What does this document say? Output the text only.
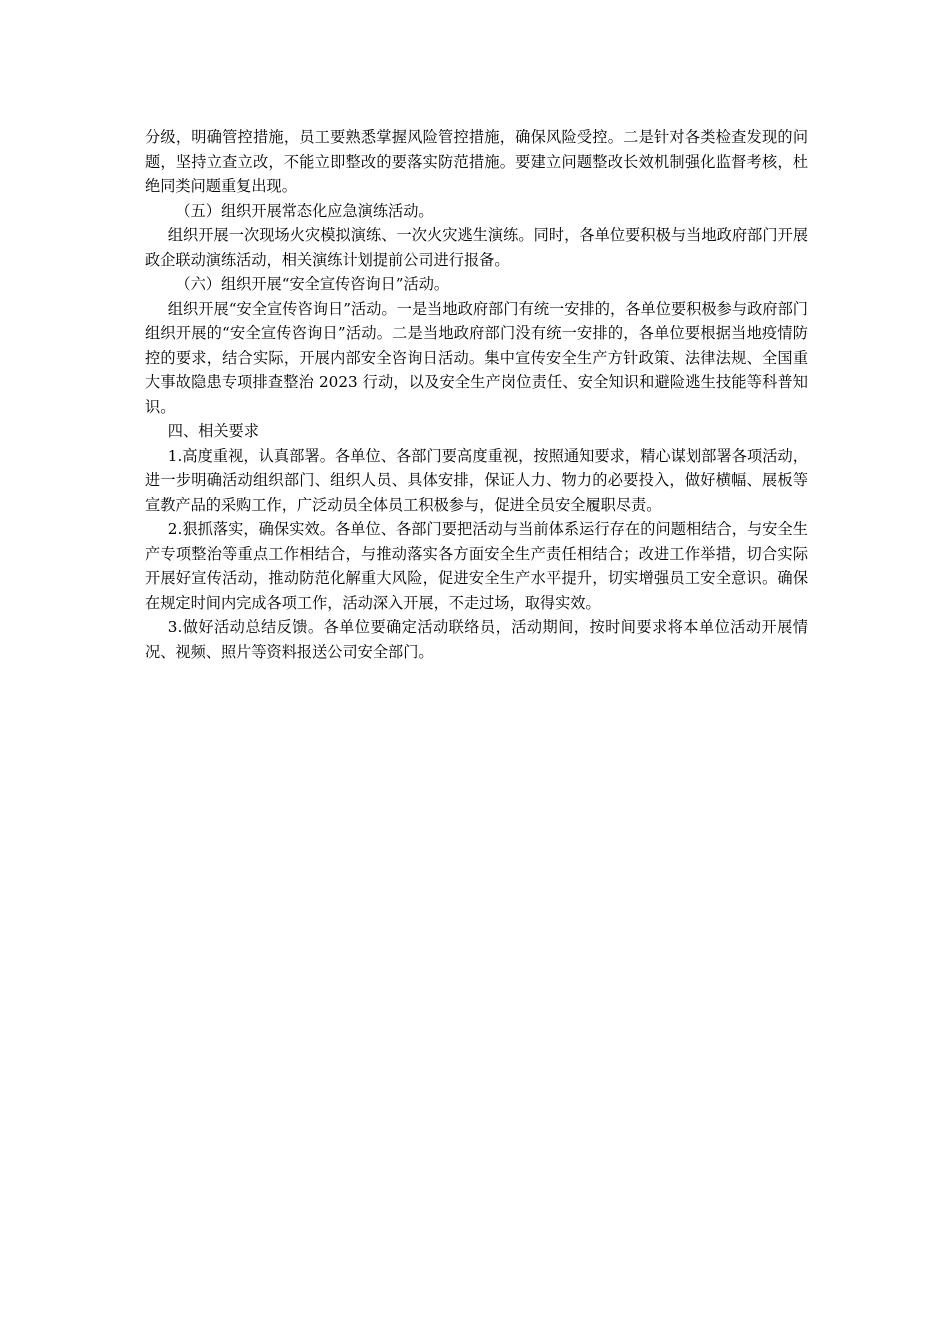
分级，明确管控措施，员工要熟悉掌握风险管控措施，确保风险受控。二是针对各类检查发现的问题，坚持立查立改，不能立即整改的要落实防范措施。要建立问题整改长效机制强化监督考核，杜绝同类问题重复出现。

（五）组织开展常态化应急演练活动。

组织开展一次现场火灾模拟演练、一次火灾逃生演练。同时，各单位要积极与当地政府部门开展政企联动演练活动，相关演练计划提前公司进行报备。

（六）组织开展“安全宣传咨询日”活动。

组织开展“安全宣传咨询日”活动。一是当地政府部门有统一安排的，各单位要积极参与政府部门组织开展的“安全宣传咨询日”活动。二是当地政府部门没有统一安排的，各单位要根据当地疫情防控的要求，结合实际，开展内部安全咨询日活动。集中宣传安全生产方针政策、法律法规、全国重大事故隐患专项排查整治 2023 行动，以及安全生产岗位责任、安全知识和避险逃生技能等科普知识。

四、相关要求

1.高度重视，认真部署。各单位、各部门要高度重视，按照通知要求，精心谋划部署各项活动，进一步明确活动组织部门、组织人员、具体安排，保证人力、物力的必要投入，做好横幅、展板等宣教产品的采购工作，广泛动员全体员工积极参与，促进全员安全履职尽责。

2.狠抓落实，确保实效。各单位、各部门要把活动与当前体系运行存在的问题相结合，与安全生产专项整治等重点工作相结合，与推动落实各方面安全生产责任相结合；改进工作举措，切合实际开展好宣传活动，推动防范化解重大风险，促进安全生产水平提升，切实增强员工安全意识。确保在规定时间内完成各项工作，活动深入开展，不走过场，取得实效。

3.做好活动总结反馈。各单位要确定活动联络员，活动期间，按时间要求将本单位活动开展情况、视频、照片等资料报送公司安全部门。
